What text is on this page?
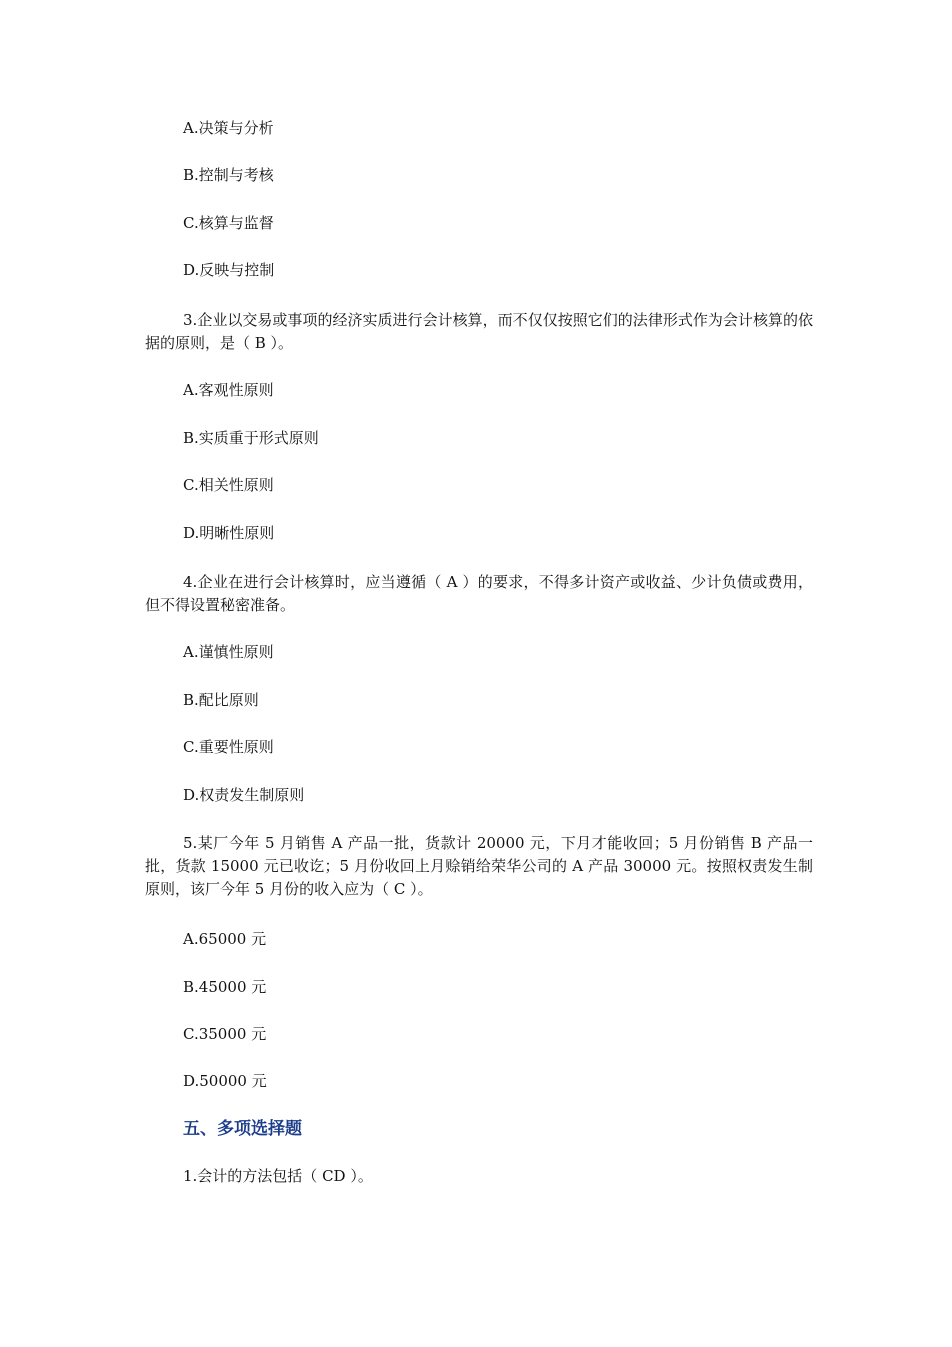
A.决策与分析
B.控制与考核
C.核算与监督
D.反映与控制
3.企业以交易或事项的经济实质进行会计核算，而不仅仅按照它们的法律形式作为会计核算的依据的原则，是（ B ）。
A.客观性原则
B.实质重于形式原则
C.相关性原则
D.明晰性原则
4.企业在进行会计核算时，应当遵循（ A ）的要求，不得多计资产或收益、少计负债或费用，但不得设置秘密准备。
A.谨慎性原则
B.配比原则
C.重要性原则
D.权责发生制原则
5.某厂今年 5 月销售 A 产品一批，货款计 20000 元，下月才能收回；5 月份销售 B 产品一批，货款 15000 元已收讫；5 月份收回上月赊销给荣华公司的 A 产品 30000 元。按照权责发生制原则，该厂今年 5 月份的收入应为（ C ）。
A.65000 元
B.45000 元
C.35000 元
D.50000 元
五、多项选择题
1.会计的方法包括（ CD ）。
